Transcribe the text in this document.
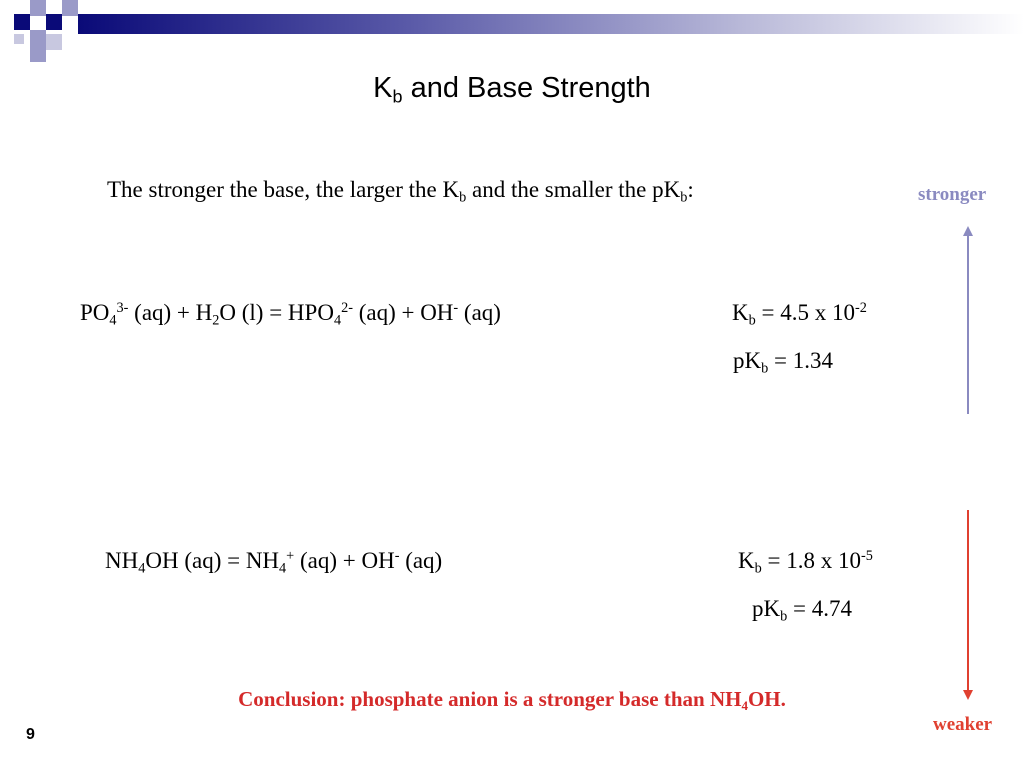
$K_b$ and Base Strength
The stronger the base, the larger the $K_b$ and the smaller the $pK_b$:
$PO_4^{3-}$ $(aq) + H_2O$ $(l) = HPO_4^{2-}$ (aq) + OH- (aq)	$K_b = 4.5$ x $10^{-2}$
$pK_b = 1.34$
$NH_4OH$ $(aq) = NH_4^+$ (aq) + OH- (aq)	$K_b = 1.8$ x $10^{-5}$
$pK_b = 4.74$
stronger
weaker
Conclusion: phosphate anion is a stronger base than $NH_4OH$.
9
